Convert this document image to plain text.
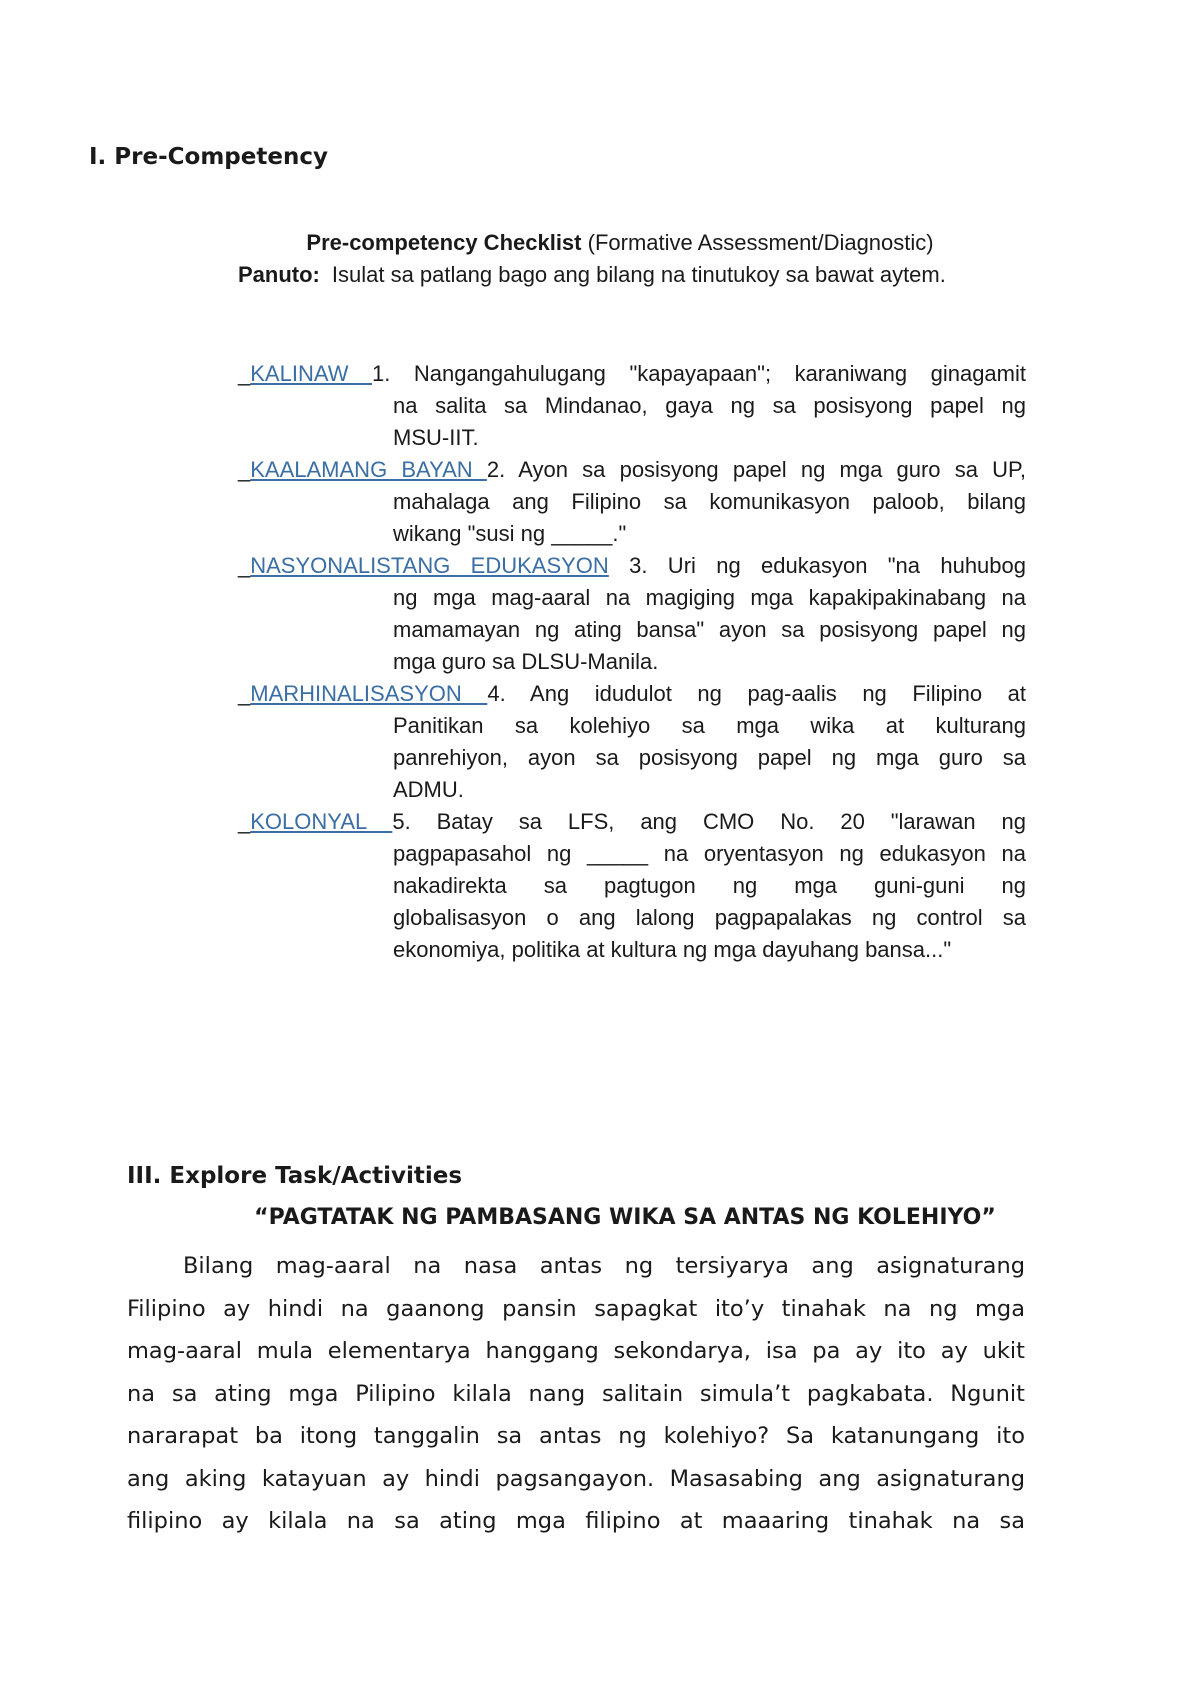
I. Pre-Competency
Pre-competency Checklist (Formative Assessment/Diagnostic)
Panuto: Isulat sa patlang bago ang bilang na tinutukoy sa bawat aytem.
_KALINAW 1. Nangangahulugang "kapayapaan"; karaniwang ginagamit
na salita sa Mindanao, gaya ng sa posisyong papel ng
MSU-IIT.
_KAALAMANG BAYAN 2. Ayon sa posisyong papel ng mga guro sa UP,
mahalaga ang Filipino sa komunikasyon paloob, bilang
wikang "susi ng _____."
_NASYONALISTANG EDUKASYON 3. Uri ng edukasyon "na huhubog
ng mga mag-aaral na magiging mga kapakipakinabang na
mamamayan ng ating bansa" ayon sa posisyong papel ng
mga guro sa DLSU-Manila.
_MARHINALISASYON 4. Ang idudulot ng pag-aalis ng Filipino at
Panitikan sa kolehiyo sa mga wika at kulturang
panrehiyon, ayon sa posisyong papel ng mga guro sa
ADMU.
_KOLONYAL 5. Batay sa LFS, ang CMO No. 20 "larawan ng
pagpapasahol ng _____ na oryentasyon ng edukasyon na
nakadirekta sa pagtugon ng mga guni-guni ng
globalisasyon o ang lalong pagpapalakas ng control sa
ekonomiya, politika at kultura ng mga dayuhang bansa..."
III. Explore Task/Activities
“PAGTATAK NG PAMBASANG WIKA SA ANTAS NG KOLEHIYO”
Bilang mag-aaral na nasa antas ng tersiyarya ang asignaturang
Filipino ay hindi na gaanong pansin sapagkat ito’y tinahak na ng mga
mag-aaral mula elementarya hanggang sekondarya, isa pa ay ito ay ukit
na sa ating mga Pilipino kilala nang salitain simula’t pagkabata. Ngunit
nararapat ba itong tanggalin sa antas ng kolehiyo? Sa katanungang ito
ang aking katayuan ay hindi pagsangayon. Masasabing ang asignaturang
filipino ay kilala na sa ating mga filipino at maaaring tinahak na sa
